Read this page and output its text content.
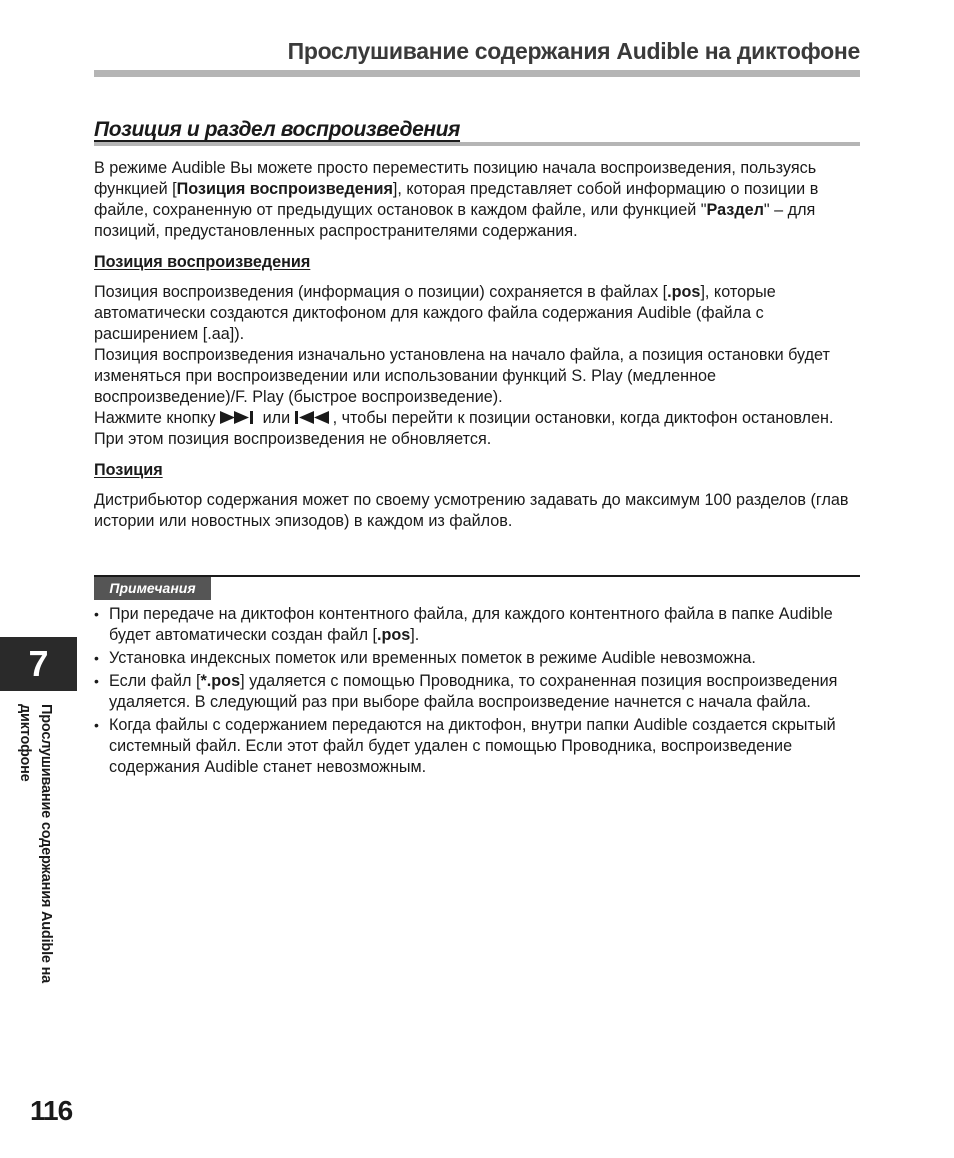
Прослушивание содержания Audible на диктофоне
Позиция и раздел воспроизведения

В режиме Audible Вы можете просто переместить позицию начала воспроизведения, пользуясь функцией [Позиция воспроизведения], которая представляет собой информацию о позиции в файле, сохраненную от предыдущих остановок в каждом файле, или функцией "Раздел" – для позиций, предустановленных распространителями содержания.

Позиция воспроизведения

Позиция воспроизведения (информация о позиции) сохраняется в файлах [.pos], которые автоматически создаются диктофоном для каждого файла содержания Audible (файла с расширением [.aa]).

Позиция воспроизведения изначально установлена на начало файла, а позиция остановки будет изменяться при воспроизведении или использовании функций S. Play (медленное воспроизведение)/F. Play (быстрое воспроизведение).

Нажмите кнопку  или , чтобы перейти к позиции остановки, когда диктофон остановлен. При этом позиция воспроизведения не обновляется.

Позиция

Дистрибьютор содержания может по своему усмотрению задавать до максимум 100 разделов (глав истории или новостных эпизодов) в каждом из файлов.

Примечания
• При передаче на диктофон контентного файла, для каждого контентного файла в папке Audible будет автоматически создан файл [.pos].
• Установка индексных пометок или временных пометок в режиме Audible невозможна.
• Если файл [*.pos] удаляется с помощью Проводника, то сохраненная позиция воспроизведения удаляется. В следующий раз при выборе файла воспроизведение начнется с начала файла.
• Когда файлы с содержанием передаются на диктофон, внутри папки Audible создается скрытый системный файл. Если этот файл будет удален с помощью Проводника, воспроизведение содержания Audible станет невозможным.
7
Прослушивание содержания Audible на диктофоне
116
